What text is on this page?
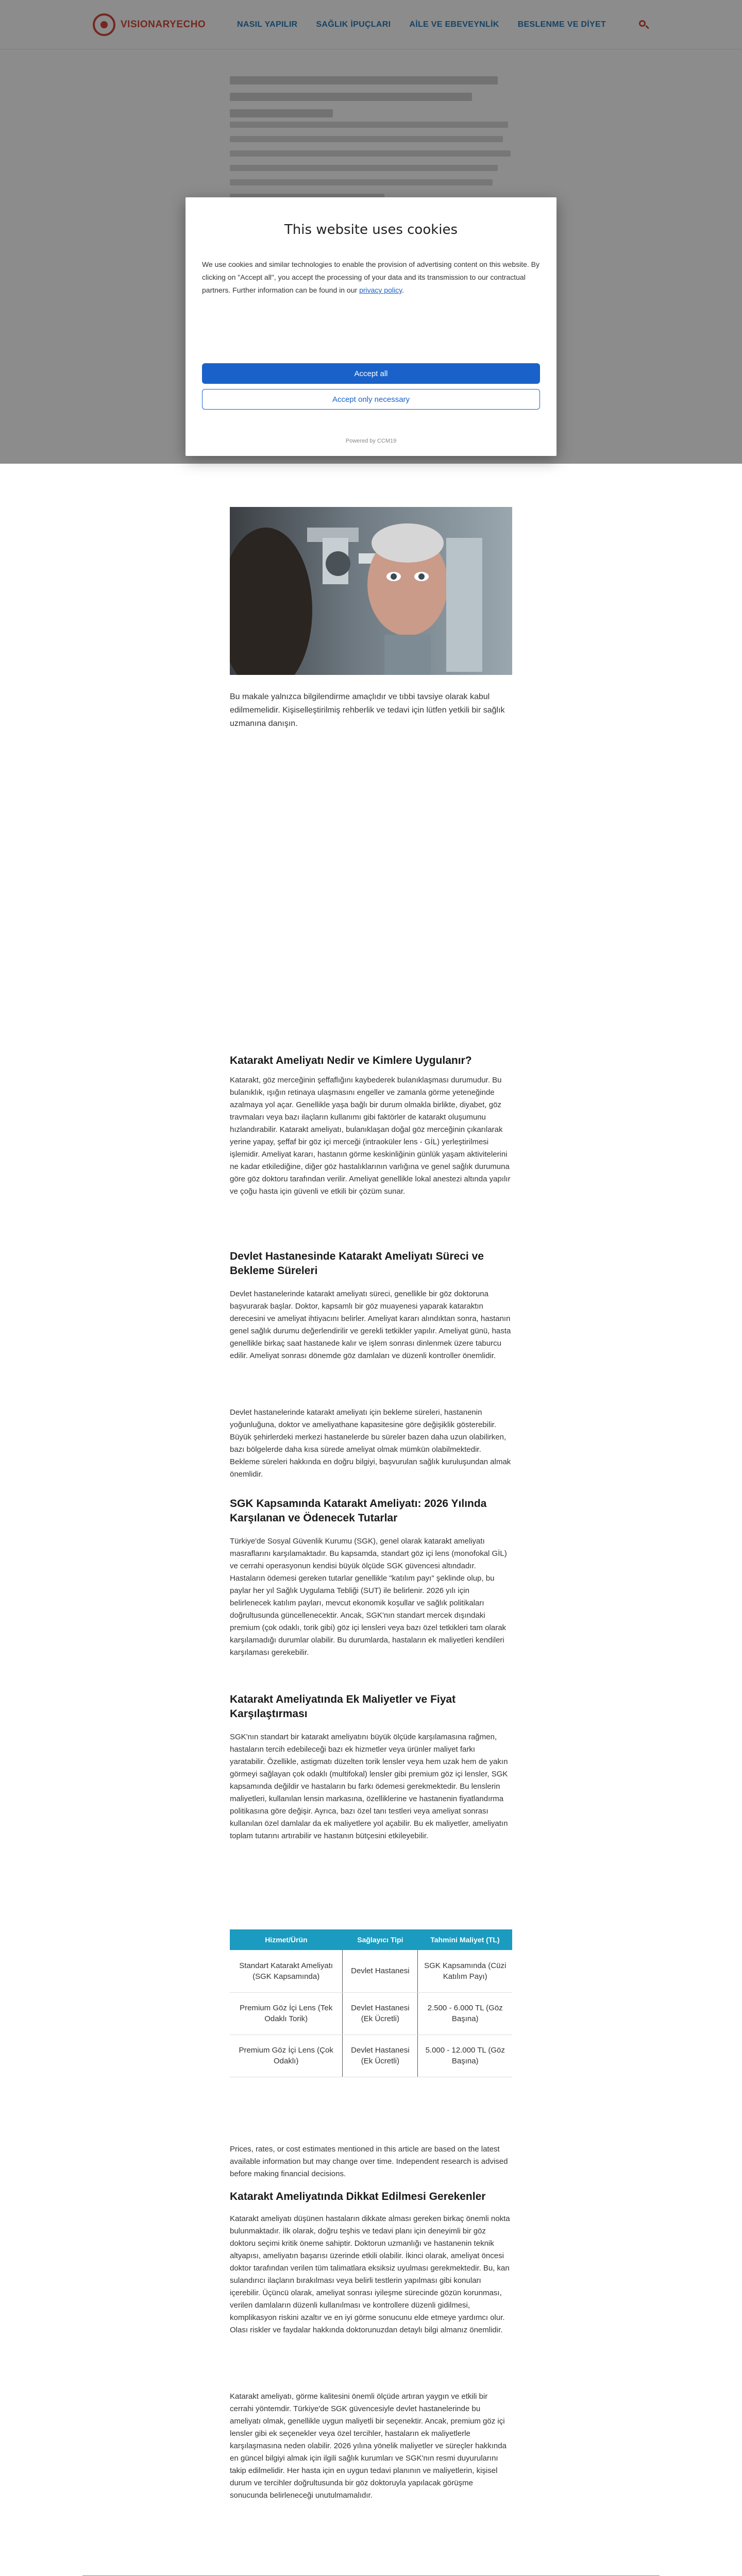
VISIONARYECHO	NASIL YAPILIR SAĞLIK İPUÇLARI AİLE VE EBEVEYNLİK BESLENME VE DİYET

Bu makale yalnızca bilgilendirme amaçlıdır ve tıbbi tavsiye olarak kabul edilmemelidir. Kişiselleştirilmiş rehberlik ve tedavi için lütfen yetkili bir sağlık uzmanına danışın.

Katarakt Ameliyatı Nedir ve Kimlere Uygulanır?

Katarakt, göz merceğinin şeffaflığını kaybederek bulanıklaşması durumudur. Bu bulanıklık, ışığın retinaya ulaşmasını engeller ve zamanla görme yeteneğinde azalmaya yol açar. Genellikle yaşa bağlı bir durum olmakla birlikte, diyabet, göz travmaları veya bazı ilaçların kullanımı gibi faktörler de katarakt oluşumunu hızlandırabilir. Katarakt ameliyatı, bulanıklaşan doğal göz merceğinin çıkarılarak yerine yapay, şeffaf bir göz içi merceği (intraoküler lens - GİL) yerleştirilmesi işlemidir. Ameliyat kararı, hastanın görme keskinliğinin günlük yaşam aktivitelerini ne kadar etkilediğine, diğer göz hastalıklarının varlığına ve genel sağlık durumuna göre göz doktoru tarafından verilir. Ameliyat genellikle lokal anestezi altında yapılır ve çoğu hasta için güvenli ve etkili bir çözüm sunar.

Devlet Hastanesinde Katarakt Ameliyatı Süreci ve Bekleme Süreleri

Devlet hastanelerinde katarakt ameliyatı süreci, genellikle bir göz doktoruna başvurarak başlar. Doktor, kapsamlı bir göz muayenesi yaparak kataraktın derecesini ve ameliyat ihtiyacını belirler. Ameliyat kararı alındıktan sonra, hastanın genel sağlık durumu değerlendirilir ve gerekli tetkikler yapılır. Ameliyat günü, hasta genellikle birkaç saat hastanede kalır ve işlem sonrası dinlenmek üzere taburcu edilir. Ameliyat sonrası dönemde göz damlaları ve düzenli kontroller önemlidir.

Devlet hastanelerinde katarakt ameliyatı için bekleme süreleri, hastanenin yoğunluğuna, doktor ve ameliyathane kapasitesine göre değişiklik gösterebilir. Büyük şehirlerdeki merkezi hastanelerde bu süreler bazen daha uzun olabilirken, bazı bölgelerde daha kısa sürede ameliyat olmak mümkün olabilmektedir. Bekleme süreleri hakkında en doğru bilgiyi, başvurulan sağlık kuruluşundan almak önemlidir.

SGK Kapsamında Katarakt Ameliyatı: 2026 Yılında Karşılanan ve Ödenecek Tutarlar

Türkiye'de Sosyal Güvenlik Kurumu (SGK), genel olarak katarakt ameliyatı masraflarını karşılamaktadır. Bu kapsamda, standart göz içi lens (monofokal GİL) ve cerrahi operasyonun kendisi büyük ölçüde SGK güvencesi altındadır. Hastaların ödemesi gereken tutarlar genellikle "katılım payı" şeklinde olup, bu paylar her yıl Sağlık Uygulama Tebliği (SUT) ile belirlenir. 2026 yılı için belirlenecek katılım payları, mevcut ekonomik koşullar ve sağlık politikaları doğrultusunda güncellenecektir. Ancak, SGK'nın standart mercek dışındaki premium (çok odaklı, torik gibi) göz içi lensleri veya bazı özel tetkikleri tam olarak karşılamadığı durumlar olabilir. Bu durumlarda, hastaların ek maliyetleri kendileri karşılaması gerekebilir.

Katarakt Ameliyatında Ek Maliyetler ve Fiyat Karşılaştırması

SGK'nın standart bir katarakt ameliyatını büyük ölçüde karşılamasına rağmen, hastaların tercih edebileceği bazı ek hizmetler veya ürünler maliyet farkı yaratabilir. Özellikle, astigmatı düzelten torik lensler veya hem uzak hem de yakın görmeyi sağlayan çok odaklı (multifokal) lensler gibi premium göz içi lensler, SGK kapsamında değildir ve hastaların bu farkı ödemesi gerekmektedir. Bu lenslerin maliyetleri, kullanılan lensin markasına, özelliklerine ve hastanenin fiyatlandırma politikasına göre değişir. Ayrıca, bazı özel tanı testleri veya ameliyat sonrası kullanılan özel damlalar da ek maliyetlere yol açabilir. Bu ek maliyetler, ameliyatın toplam tutarını artırabilir ve hastanın bütçesini etkileyebilir.

Hizmet/Ürün	Sağlayıcı Tipi	Tahmini Maliyet (TL)
Standart Katarakt Ameliyatı (SGK Kapsamında)	Devlet Hastanesi	SGK Kapsamında (Cüzi Katılım Payı)
Premium Göz İçi Lens (Tek Odaklı Torik)	Devlet Hastanesi (Ek Ücretli)	2.500 - 6.000 TL (Göz Başına)
Premium Göz İçi Lens (Çok Odaklı)	Devlet Hastanesi (Ek Ücretli)	5.000 - 12.000 TL (Göz Başına)

Prices, rates, or cost estimates mentioned in this article are based on the latest available information but may change over time. Independent research is advised before making financial decisions.

Katarakt Ameliyatında Dikkat Edilmesi Gerekenler

Katarakt ameliyatı düşünen hastaların dikkate alması gereken birkaç önemli nokta bulunmaktadır. İlk olarak, doğru teşhis ve tedavi planı için deneyimli bir göz doktoru seçimi kritik öneme sahiptir. Doktorun uzmanlığı ve hastanenin teknik altyapısı, ameliyatın başarısı üzerinde etkili olabilir. İkinci olarak, ameliyat öncesi doktor tarafından verilen tüm talimatlara eksiksiz uyulması gerekmektedir. Bu, kan sulandırıcı ilaçların bırakılması veya belirli testlerin yapılması gibi konuları içerebilir. Üçüncü olarak, ameliyat sonrası iyileşme sürecinde gözün korunması, verilen damlaların düzenli kullanılması ve kontrollere düzenli gidilmesi, komplikasyon riskini azaltır ve en iyi görme sonucunu elde etmeye yardımcı olur. Olası riskler ve faydalar hakkında doktorunuzdan detaylı bilgi almanız önemlidir.

Katarakt ameliyatı, görme kalitesini önemli ölçüde artıran yaygın ve etkili bir cerrahi yöntemdir. Türkiye'de SGK güvencesiyle devlet hastanelerinde bu ameliyatı olmak, genellikle uygun maliyetli bir seçenektir. Ancak, premium göz içi lensler gibi ek seçenekler veya özel tercihler, hastaların ek maliyetlerle karşılaşmasına neden olabilir. 2026 yılına yönelik maliyetler ve süreçler hakkında en güncel bilgiyi almak için ilgili sağlık kurumları ve SGK'nın resmi duyurularını takip edilmelidir. Her hasta için en uygun tedavi planının ve maliyetlerin, kişisel durum ve tercihler doğrultusunda bir göz doktoruyla yapılacak görüşme sonucunda belirleneceği unutulmamalıdır.

This website uses cookies

We use cookies and similar technologies to enable the provision of advertising content on this website. By clicking on "Accept all", you accept the processing of your data and its transmission to our contractual partners. Further information can be found in our privacy policy.

Accept all
Accept only necessary
Powered by CCM19
